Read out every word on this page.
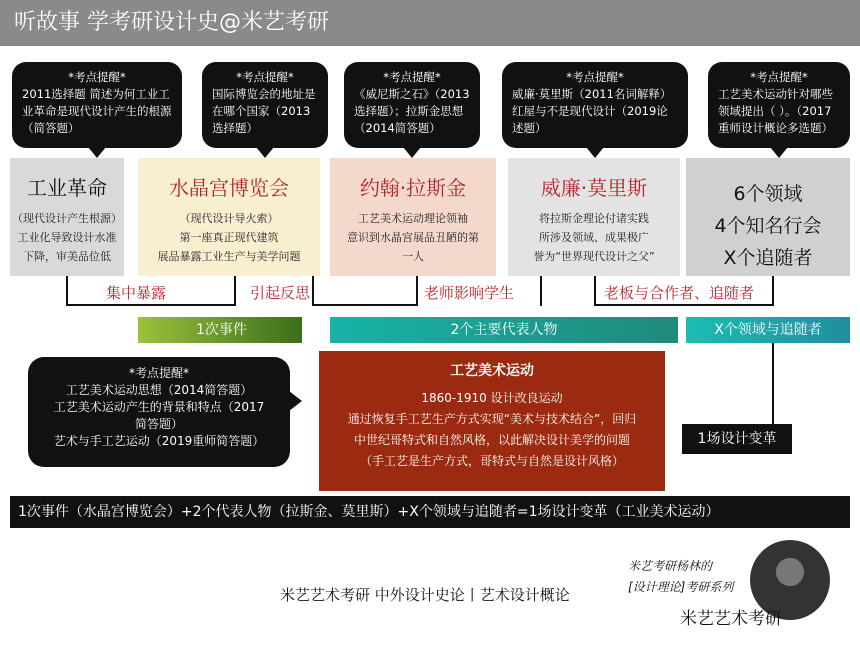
听故事 学考研设计史@米艺考研
*考点提醒*
2011选择题 简述为何工业工业革命是现代设计产生的根源（简答题）
*考点提醒*
国际博览会的地址是在哪个国家（2013选择题）
*考点提醒*
《威尼斯之石》（2013选择题）；拉斯金思想（2014简答题）
*考点提醒*
威廉·莫里斯（2011名词解释）红屋与不是现代设计（2019论述题）
*考点提醒*
工艺美术运动针对哪些领域提出（ ）。（2017重师设计概论多选题）
工业革命
（现代设计产生根源）
工业化导致设计水准
下降，审美品位低
水晶宫博览会
（现代设计导火索）
第一座真正现代建筑
展品暴露工业生产与美学问题
约翰·拉斯金
工艺美术运动理论领袖
意识到水晶宫展品丑陋的第
一人
威廉·莫里斯
将拉斯金理论付诸实践
所涉及领域、成果极广
誉为“世界现代设计之父”
6个领域
4个知名行会
X个追随者
集中暴露	引起反思	老师影响学生	老板与合作者、追随者
1次事件	2个主要代表人物	X个领域与追随者
*考点提醒*
工艺美术运动思想（2014简答题）
工艺美术运动产生的背景和特点（2017
简答题）
艺术与手工艺运动（2019重师简答题）
工艺美术运动
1860-1910 设计改良运动
通过恢复手工艺生产方式实现“美术与技术结合”，回归
中世纪哥特式和自然风格，以此解决设计美学的问题
（手工艺是生产方式，哥特式与自然是设计风格）
1场设计变革
1次事件（水晶宫博览会）+2个代表人物（拉斯金、莫里斯）+X个领域与追随者=1场设计变革（工业美术运动）
米艺艺术考研 中外设计史论丨艺术设计概论
米艺考研杨林的
[设计理论]考研系列
米艺艺术考研
